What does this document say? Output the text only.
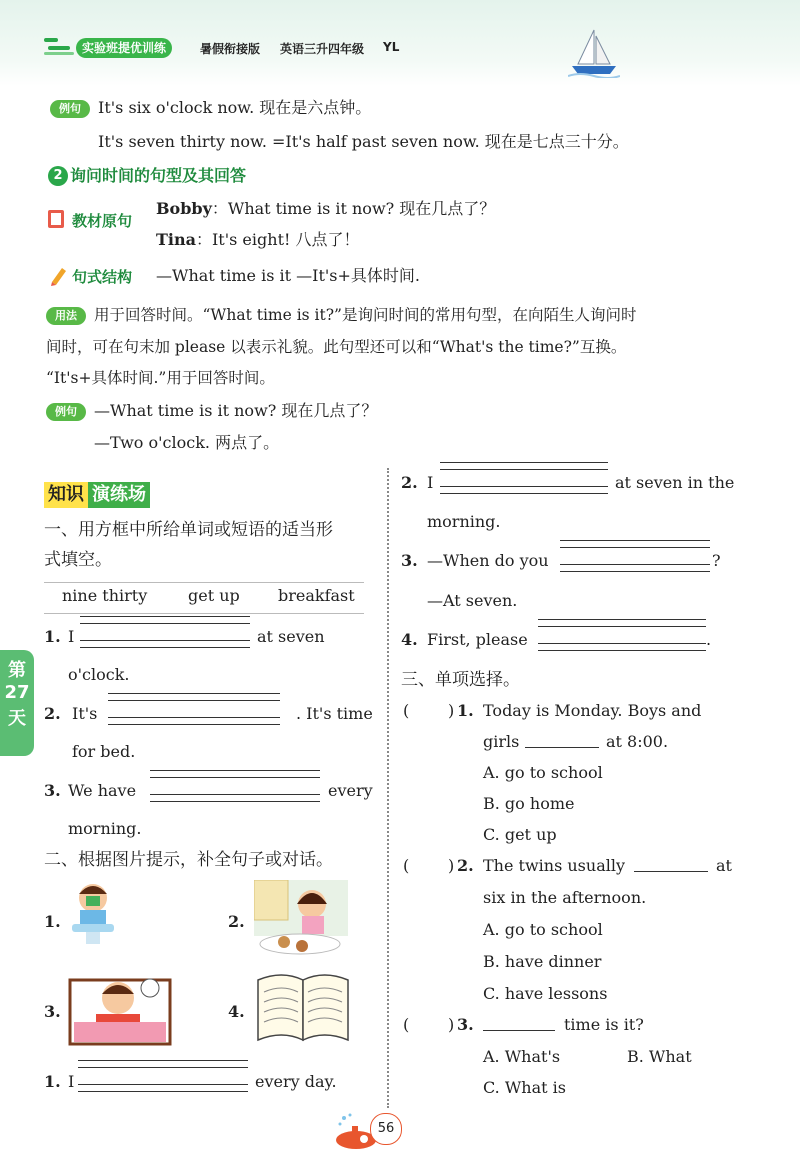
实验班提优训练	暑假衔接版 英语三升四年级 YL
例句	It's six o'clock now. 现在是六点钟。
It's seven thirty now. =It's half past seven now. 现在是七点三十分。
2 询问时间的句型及其回答
教材原句
Bobby：What time is it now? 现在几点了？
Tina：It's eight! 八点了！
句式结构 —What time is it —It's+具体时间.
用法	用于回答时间。“What time is it?”是询问时间的常用句型，在向陌生人询问时
间时，可在句末加 please 以表示礼貌。此句型还可以和“What's the time?”互换。
“It's+具体时间.”用于回答时间。
例句	—What time is it now? 现在几点了？
—Two o'clock. 两点了。
知识 演练场
一、用方框中所给单词或短语的适当形
式填空。
nine thirty	get up breakfast
1. I	at seven
o'clock.
2. It's	. It's time
for bed.
3. We have	every
morning.
二、根据图片提示，补全句子或对话。
1.	2.
3.	4.
1. I	every day.
2. I	at seven in the
morning.
3. —When do you	?
—At seven.
4. First, please	.
三、单项选择。
( ) 1. Today is Monday. Boys and
girls	at 8:00.
A. go to school
B. go home
C. get up
( ) 2. The twins usually	at
six in the afternoon.
A. go to school
B. have dinner
C. have lessons
( ) 3.	time is it?
A. What's	B. What
C. What is
第
27
天
56
